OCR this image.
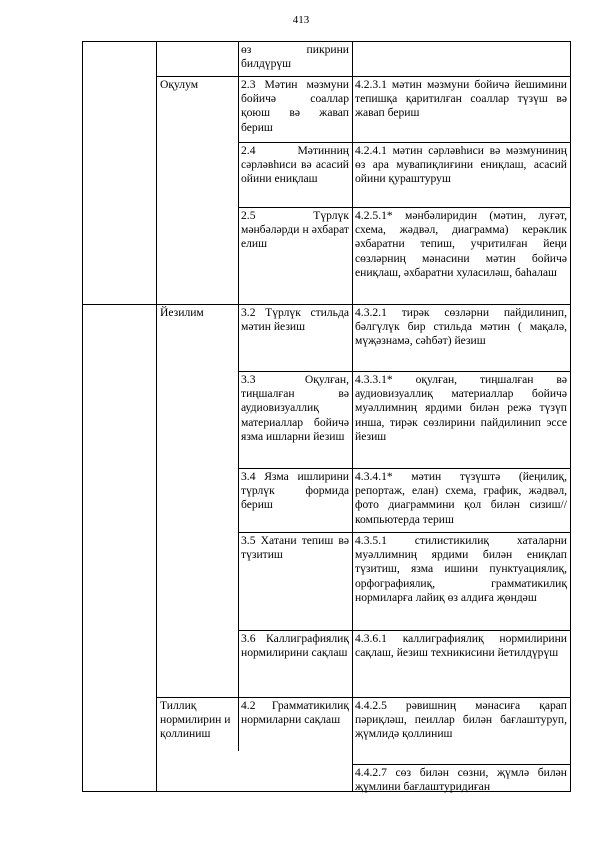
413
өз пикрини билдүрүш
Оқулум	2.3 Мәтин мәзмуни бойичә соаллар қоюш вә жавап бериш
4.2.3.1 мәтин мәзмуни бойичә йешимини тепишқа қаритилған соаллар түзүш вә жавап бериш
2.4 Мәтинниң сәрләвһиси вә асасий ойини ениқлаш
4.2.4.1 мәтин сәрләвһиси вә мәзмуниниң өз ара мувапиқлиғини ениқлаш, асасий ойини қураштуруш
2.5 Түрлүк мәнбәләрди н әхбарат елиш
4.2.5.1* мәнбәлиридин (мәтин, луғәт, схема, жәдвәл, диаграмма) керәклик әхбаратни тепиш, учритилған йеңи сөзләрниң мәнасини мәтин бойичә ениқлаш, әхбаратни хуласиләш, баһалаш
Йезилим	3.2 Түрлүк стильда мәтин йезиш
4.3.2.1 тирәк сөзләрни пайдилинип, бәлгүлүк бир стильда мәтин ( мақалә, мүҗәзнамә, сәһбәт) йезиш
3.3 Оқулған, тиңшалған вә аудиовизуаллиқ материаллар бойичә язма ишларни йезиш
4.3.3.1* оқулған, тиңшалған вә аудиовизуаллиқ материаллар бойичә муәллимниң ярдими билән режә түзүп инша, тирәк сөзлирини пайдилинип эссе йезиш
3.4 Язма ишлирини түрлүк формида бериш
4.3.4.1* мәтин түзүштә (йеңилиқ, репортаж, елан) схема, график, жәдвәл, фото диаграммини қол билән сизиш//компьютерда териш
3.5 Хатани тепиш вә түзитиш
4.3.5.1 стилистикилиқ хаталарни муәллимниң ярдими билән ениқлап түзитиш, язма ишини пунктуациялиқ, орфографиялиқ, грамматикилиқ нормиларға лайиқ өз алдиға җөндәш
3.6 Каллиграфиялиқ нормилирини сақлаш
4.3.6.1 каллиграфиялиқ нормилирини сақлаш, йезиш техникисини йетилдүрүш
Тиллиқ нормилирин и қоллиниш
4.2 Грамматикилиқ нормиларни сақлаш
4.4.2.5 рәвишниң мәнасиға қарап пәриқләш, пеиллар билән бағлаштуруп, җүмлидә қоллиниш
4.4.2.7 сөз билән сөзни, җүмлә билән җүмлини бағлаштуридиған
